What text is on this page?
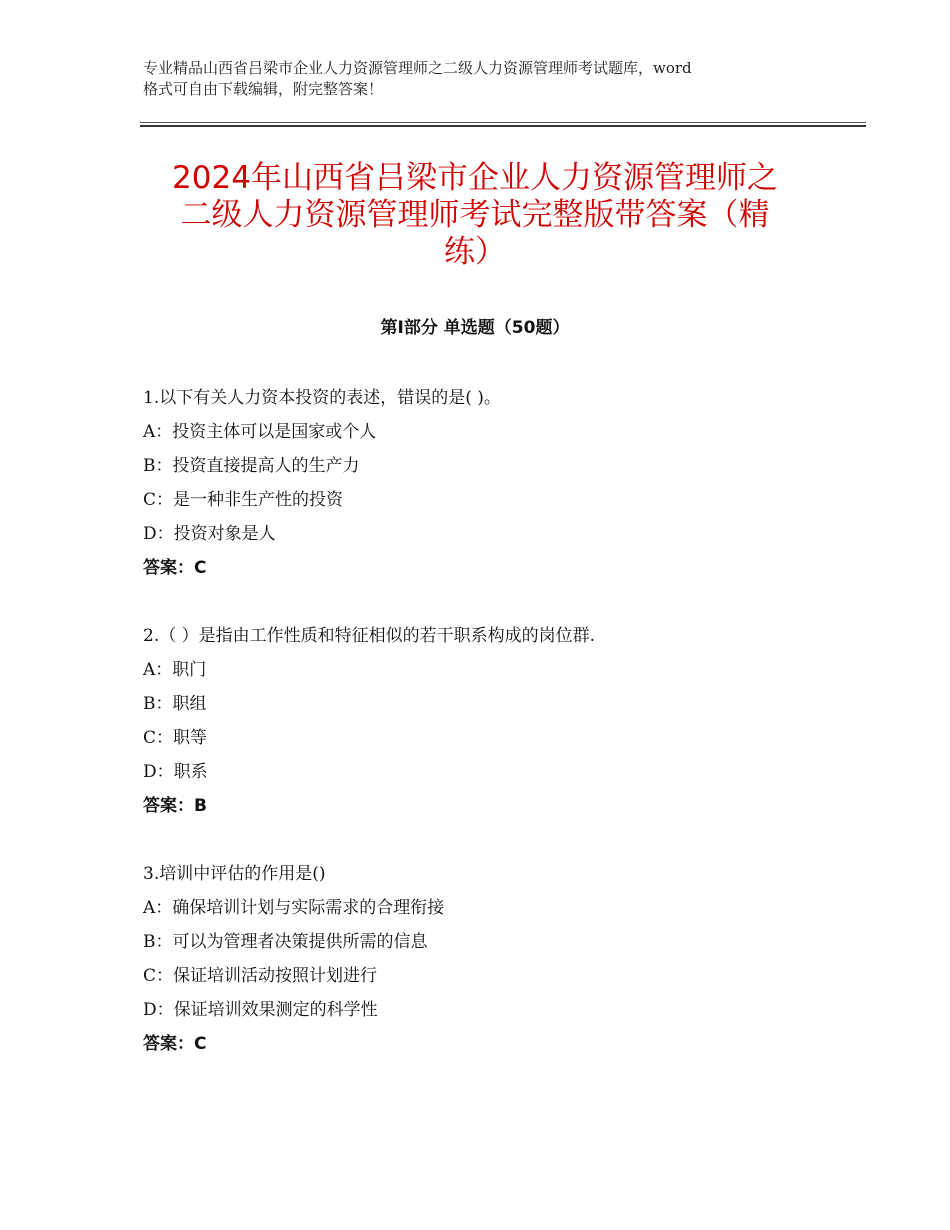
专业精品山西省吕梁市企业人力资源管理师之二级人力资源管理师考试题库，word
格式可自由下载编辑，附完整答案！
2024年山西省吕梁市企业人力资源管理师之
二级人力资源管理师考试完整版带答案（精
练）
第Ⅰ部分 单选题（50题）
1.以下有关人力资本投资的表述，错误的是( )。
A：投资主体可以是国家或个人
B：投资直接提高人的生产力
C：是一种非生产性的投资
D：投资对象是人
答案：C
2.（ ）是指由工作性质和特征相似的若干职系构成的岗位群.
A：职门
B：职组
C：职等
D：职系
答案：B
3.培训中评估的作用是()
A：确保培训计划与实际需求的合理衔接
B：可以为管理者决策提供所需的信息
C：保证培训活动按照计划进行
D：保证培训效果测定的科学性
答案：C
